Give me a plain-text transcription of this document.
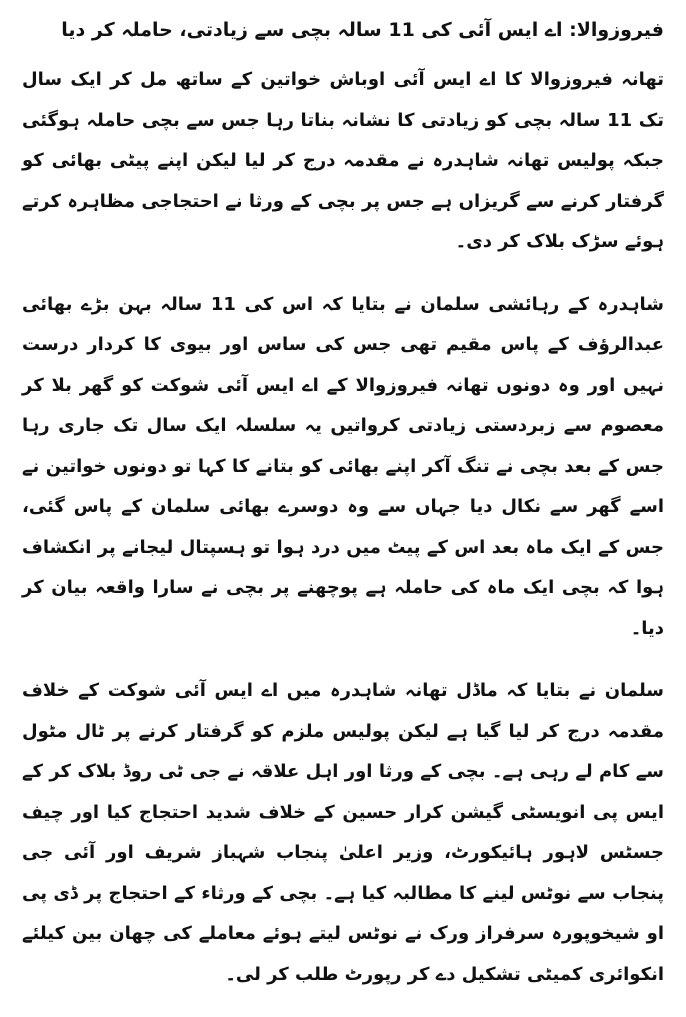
فیروزوالا: اے ایس آئی کی 11 سالہ بچی سے زیادتی، حاملہ کر دیا

تھانہ فیروزوالا کا اے ایس آئی اوباش خواتین کے ساتھ مل کر ایک سال تک 11 سالہ بچی کو زیادتی کا نشانہ بناتا رہا جس سے بچی حاملہ ہوگئی جبکہ پولیس تھانہ شاہدرہ نے مقدمہ درج کر لیا لیکن اپنے پیٹی بھائی کو گرفتار کرنے سے گریزاں ہے جس پر بچی کے ورثا نے احتجاجی مظاہرہ کرتے ہوئے سڑک بلاک کر دی۔

شاہدرہ کے رہائشی سلمان نے بتایا کہ اس کی 11 سالہ بہن بڑے بھائی عبدالرؤف کے پاس مقیم تھی جس کی ساس اور بیوی کا کردار درست نہیں اور وہ دونوں تھانہ فیروزوالا کے اے ایس آئی شوکت کو گھر بلا کر معصوم سے زبردستی زیادتی کرواتیں یہ سلسلہ ایک سال تک جاری رہا جس کے بعد بچی نے تنگ آکر اپنے بھائی کو بتانے کا کہا تو دونوں خواتین نے اسے گھر سے نکال دیا جہاں سے وہ دوسرے بھائی سلمان کے پاس گئی، جس کے ایک ماہ بعد اس کے پیٹ میں درد ہوا تو ہسپتال لیجانے پر انکشاف ہوا کہ بچی ایک ماہ کی حاملہ ہے پوچھنے پر بچی نے سارا واقعہ بیان کر دیا۔

سلمان نے بتایا کہ ماڈل تھانہ شاہدرہ میں اے ایس آئی شوکت کے خلاف مقدمہ درج کر لیا گیا ہے لیکن پولیس ملزم کو گرفتار کرنے پر ٹال مٹول سے کام لے رہی ہے۔ بچی کے ورثا اور اہل علاقہ نے جی ٹی روڈ بلاک کر کے ایس پی انویسٹی گیشن کرار حسین کے خلاف شدید احتجاج کیا اور چیف جسٹس لاہور ہائیکورٹ، وزیر اعلیٰ پنجاب شہباز شریف اور آئی جی پنجاب سے نوٹس لینے کا مطالبہ کیا ہے۔ بچی کے ورثاء کے احتجاج پر ڈی پی او شیخوپورہ سرفراز ورک نے نوٹس لیتے ہوئے معاملے کی چھان بین کیلئے انکوائری کمیٹی تشکیل دے کر رپورٹ طلب کر لی۔
